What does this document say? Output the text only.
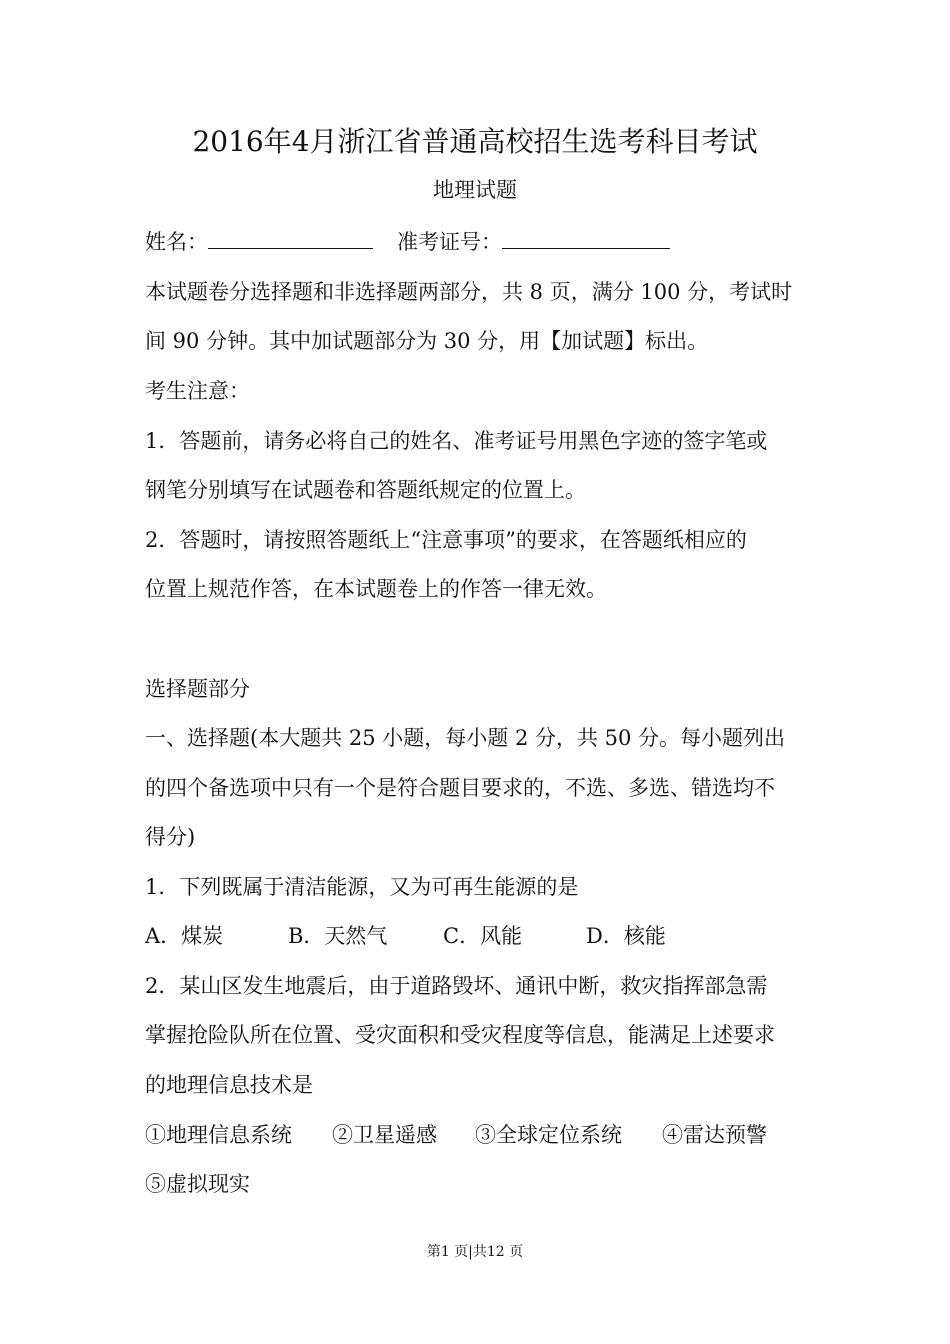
2016年4月浙江省普通高校招生选考科目考试
地理试题
姓名：	准考证号：
本试题卷分选择题和非选择题两部分，共 8 页，满分 100 分，考试时
间 90 分钟。其中加试题部分为 30 分，用【加试题】标出。
考生注意：
1．答题前，请务必将自己的姓名、准考证号用黑色字迹的签字笔或
钢笔分别填写在试题卷和答题纸规定的位置上。
2．答题时，请按照答题纸上“注意事项”的要求，在答题纸相应的
位置上规范作答，在本试题卷上的作答一律无效。
选择题部分
一、选择题(本大题共 25 小题，每小题 2 分，共 50 分。每小题列出
的四个备选项中只有一个是符合题目要求的，不选、多选、错选均不
得分)
1．下列既属于清洁能源，又为可再生能源的是
A．煤炭	B．天然气	C．风能	D．核能
2．某山区发生地震后，由于道路毁坏、通讯中断，救灾指挥部急需
掌握抢险队所在位置、受灾面积和受灾程度等信息，能满足上述要求
的地理信息技术是
①地理信息系统 ②卫星遥感 ③全球定位系统 ④雷达预警
⑤虚拟现实
第1 页|共12 页
